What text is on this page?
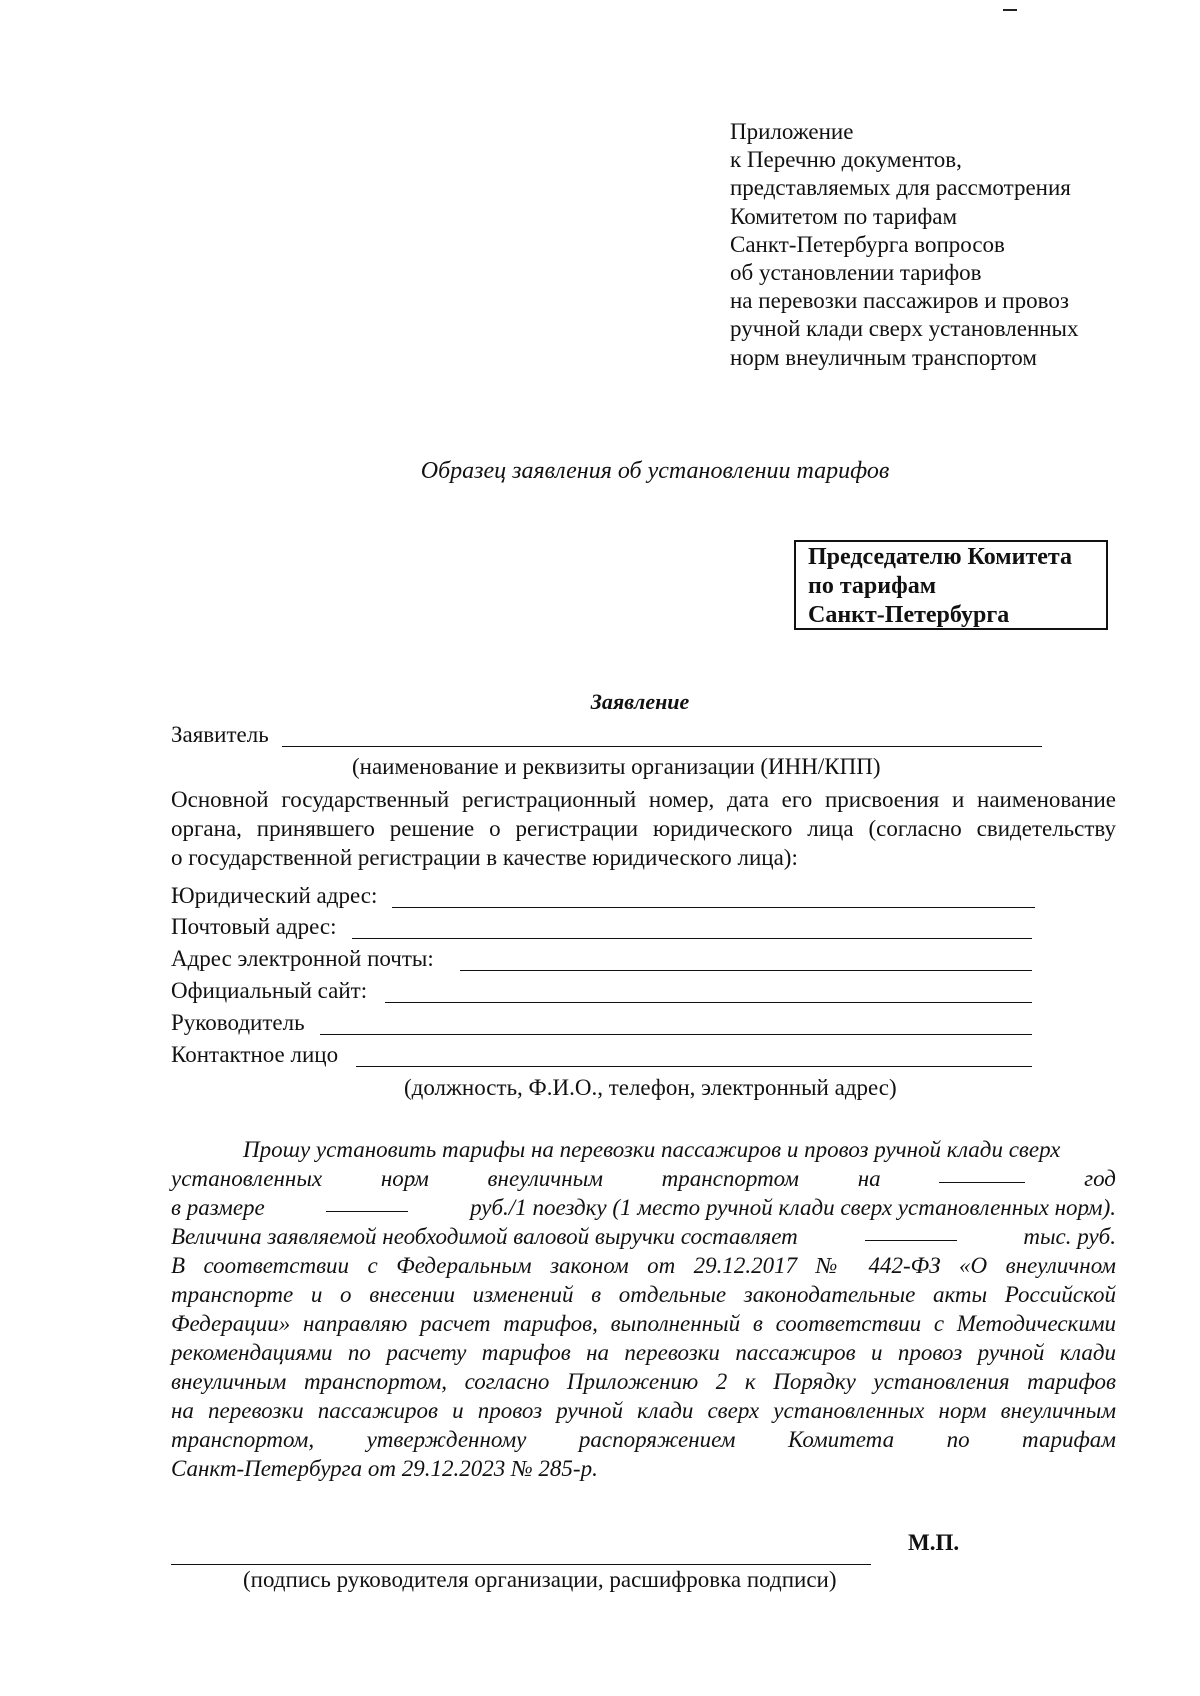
Приложение
к Перечню документов,
представляемых для рассмотрения
Комитетом по тарифам
Санкт-Петербурга вопросов
об установлении тарифов
на перевозки пассажиров и провоз
ручной клади сверх установленных
норм внеуличным транспортом
Образец заявления об установлении тарифов
Председателю Комитета
по тарифам
Санкт-Петербурга
Заявление
Заявитель
(наименование и реквизиты организации (ИНН/КПП)
Основной государственный регистрационный номер, дата его присвоения и наименование
органа, принявшего решение о регистрации юридического лица (согласно свидетельству
о государственной регистрации в качестве юридического лица):
Юридический адрес:
Почтовый адрес:
Адрес электронной почты:
Официальный сайт:
Руководитель
Контактное лицо
(должность, Ф.И.О., телефон, электронный адрес)
Прошу установить тарифы на перевозки пассажиров и провоз ручной клади сверх
установленных	норм	внеуличным	транспортом	на	год
в размере	руб./1 поездку (1 место ручной клади сверх установленных норм).
Величина заявляемой необходимой валовой выручки составляет	тыс. руб.
В соответствии с Федеральным законом от 29.12.2017 № 442-ФЗ «О внеуличном
транспорте и о внесении изменений в отдельные законодательные акты Российской
Федерации» направляю расчет тарифов, выполненный в соответствии с Методическими
рекомендациями по расчету тарифов на перевозки пассажиров и провоз ручной клади
внеуличным транспортом, согласно Приложению 2 к Порядку установления тарифов
на перевозки пассажиров и провоз ручной клади сверх установленных норм внеуличным
транспортом, утвержденному распоряжением Комитета по тарифам
Санкт-Петербурга от 29.12.2023 № 285-р.
М.П.
(подпись руководителя организации, расшифровка подписи)
